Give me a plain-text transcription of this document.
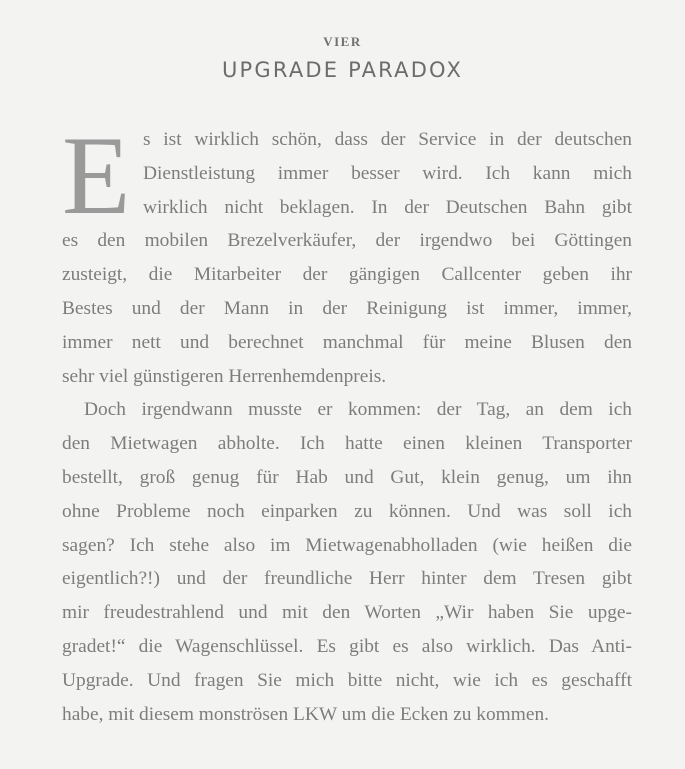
VIER
UPGRADE PARADOX
E s ist wirklich schön, dass der Service in der deutschen
Dienstleistung immer besser wird. Ich kann mich
wirklich nicht beklagen. In der Deutschen Bahn gibt
es den mobilen Brezelverkäufer, der irgendwo bei Göttingen
zusteigt, die Mitarbeiter der gängigen Callcenter geben ihr
Bestes und der Mann in der Reinigung ist immer, immer,
immer nett und berechnet manchmal für meine Blusen den
sehr viel günstigeren Herrenhemdenpreis.
Doch irgendwann musste er kommen: der Tag, an dem ich
den Mietwagen abholte. Ich hatte einen kleinen Transporter
bestellt, groß genug für Hab und Gut, klein genug, um ihn
ohne Probleme noch einparken zu können. Und was soll ich
sagen? Ich stehe also im Mietwagenabholladen (wie heißen die
eigentlich?!) und der freundliche Herr hinter dem Tresen gibt
mir freudestrahlend und mit den Worten „Wir haben Sie upge-
gradet!“ die Wagenschlüssel. Es gibt es also wirklich. Das Anti-
Upgrade. Und fragen Sie mich bitte nicht, wie ich es geschafft
habe, mit diesem monströsen LKW um die Ecken zu kommen.
